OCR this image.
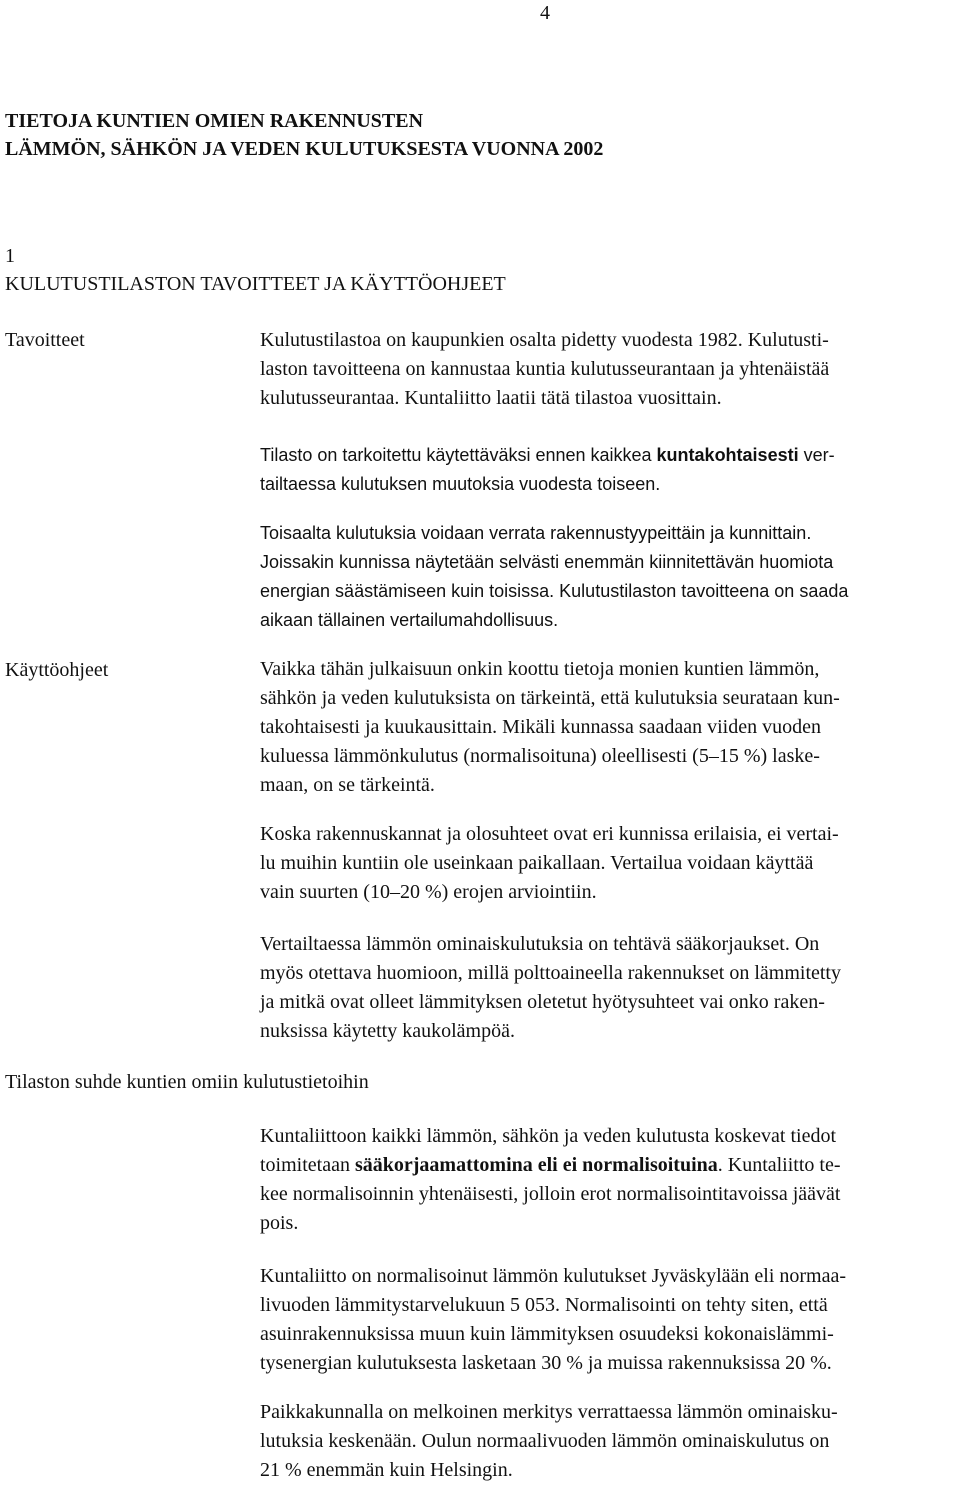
4
TIETOJA KUNTIEN OMIEN RAKENNUSTEN
LÄMMÖN, SÄHKÖN JA VEDEN KULUTUKSESTA VUONNA 2002
1
KULUTUSTILASTON TAVOITTEET JA KÄYTTÖOHJEET
Tavoitteet
Käyttöohjeet
Tilaston suhde kuntien omiin kulutustietoihin
Kulutustilastoa on kaupunkien osalta pidetty vuodesta 1982. Kulutusti-
laston tavoitteena on kannustaa kuntia kulutusseurantaan ja yhtenäistää
kulutusseurantaa. Kuntaliitto laatii tätä tilastoa vuosittain.
Tilasto on tarkoitettu käytettäväksi ennen kaikkea kuntakohtaisesti ver-
tailtaessa kulutuksen muutoksia vuodesta toiseen.
Toisaalta kulutuksia voidaan verrata rakennustyypeittäin ja kunnittain.
Joissakin kunnissa näytetään selvästi enemmän kiinnitettävän huomiota
energian säästämiseen kuin toisissa. Kulutustilaston tavoitteena on saada
aikaan tällainen vertailumahdollisuus.
Vaikka tähän julkaisuun onkin koottu tietoja monien kuntien lämmön,
sähkön ja veden kulutuksista on tärkeintä, että kulutuksia seurataan kun-
takohtaisesti ja kuukausittain. Mikäli kunnassa saadaan viiden vuoden
kuluessa lämmönkulutus (normalisoituna) oleellisesti (5–15 %) laske-
maan, on se tärkeintä.
Koska rakennuskannat ja olosuhteet ovat eri kunnissa erilaisia, ei vertai-
lu muihin kuntiin ole useinkaan paikallaan. Vertailua voidaan käyttää
vain suurten (10–20 %) erojen arviointiin.
Vertailtaessa lämmön ominaiskulutuksia on tehtävä sääkorjaukset. On
myös otettava huomioon, millä polttoaineella rakennukset on lämmitetty
ja mitkä ovat olleet lämmityksen oletetut hyötysuhteet vai onko raken-
nuksissa käytetty kaukolämpöä.
Kuntaliittoon kaikki lämmön, sähkön ja veden kulutusta koskevat tiedot
toimitetaan sääkorjaamattomina eli ei normalisoituina. Kuntaliitto te-
kee normalisoinnin yhtenäisesti, jolloin erot normalisointitavoissa jäävät
pois.
Kuntaliitto on normalisoinut lämmön kulutukset Jyväskylään eli normaa-
livuoden lämmitystarvelukuun 5 053. Normalisointi on tehty siten, että
asuinrakennuksissa muun kuin lämmityksen osuudeksi kokonaislämmi-
tysenergian kulutuksesta lasketaan 30 % ja muissa rakennuksissa 20 %.
Paikkakunnalla on melkoinen merkitys verrattaessa lämmön ominaisku-
lutuksia keskenään. Oulun normaalivuoden lämmön ominaiskulutus on
21 % enemmän kuin Helsingin.
